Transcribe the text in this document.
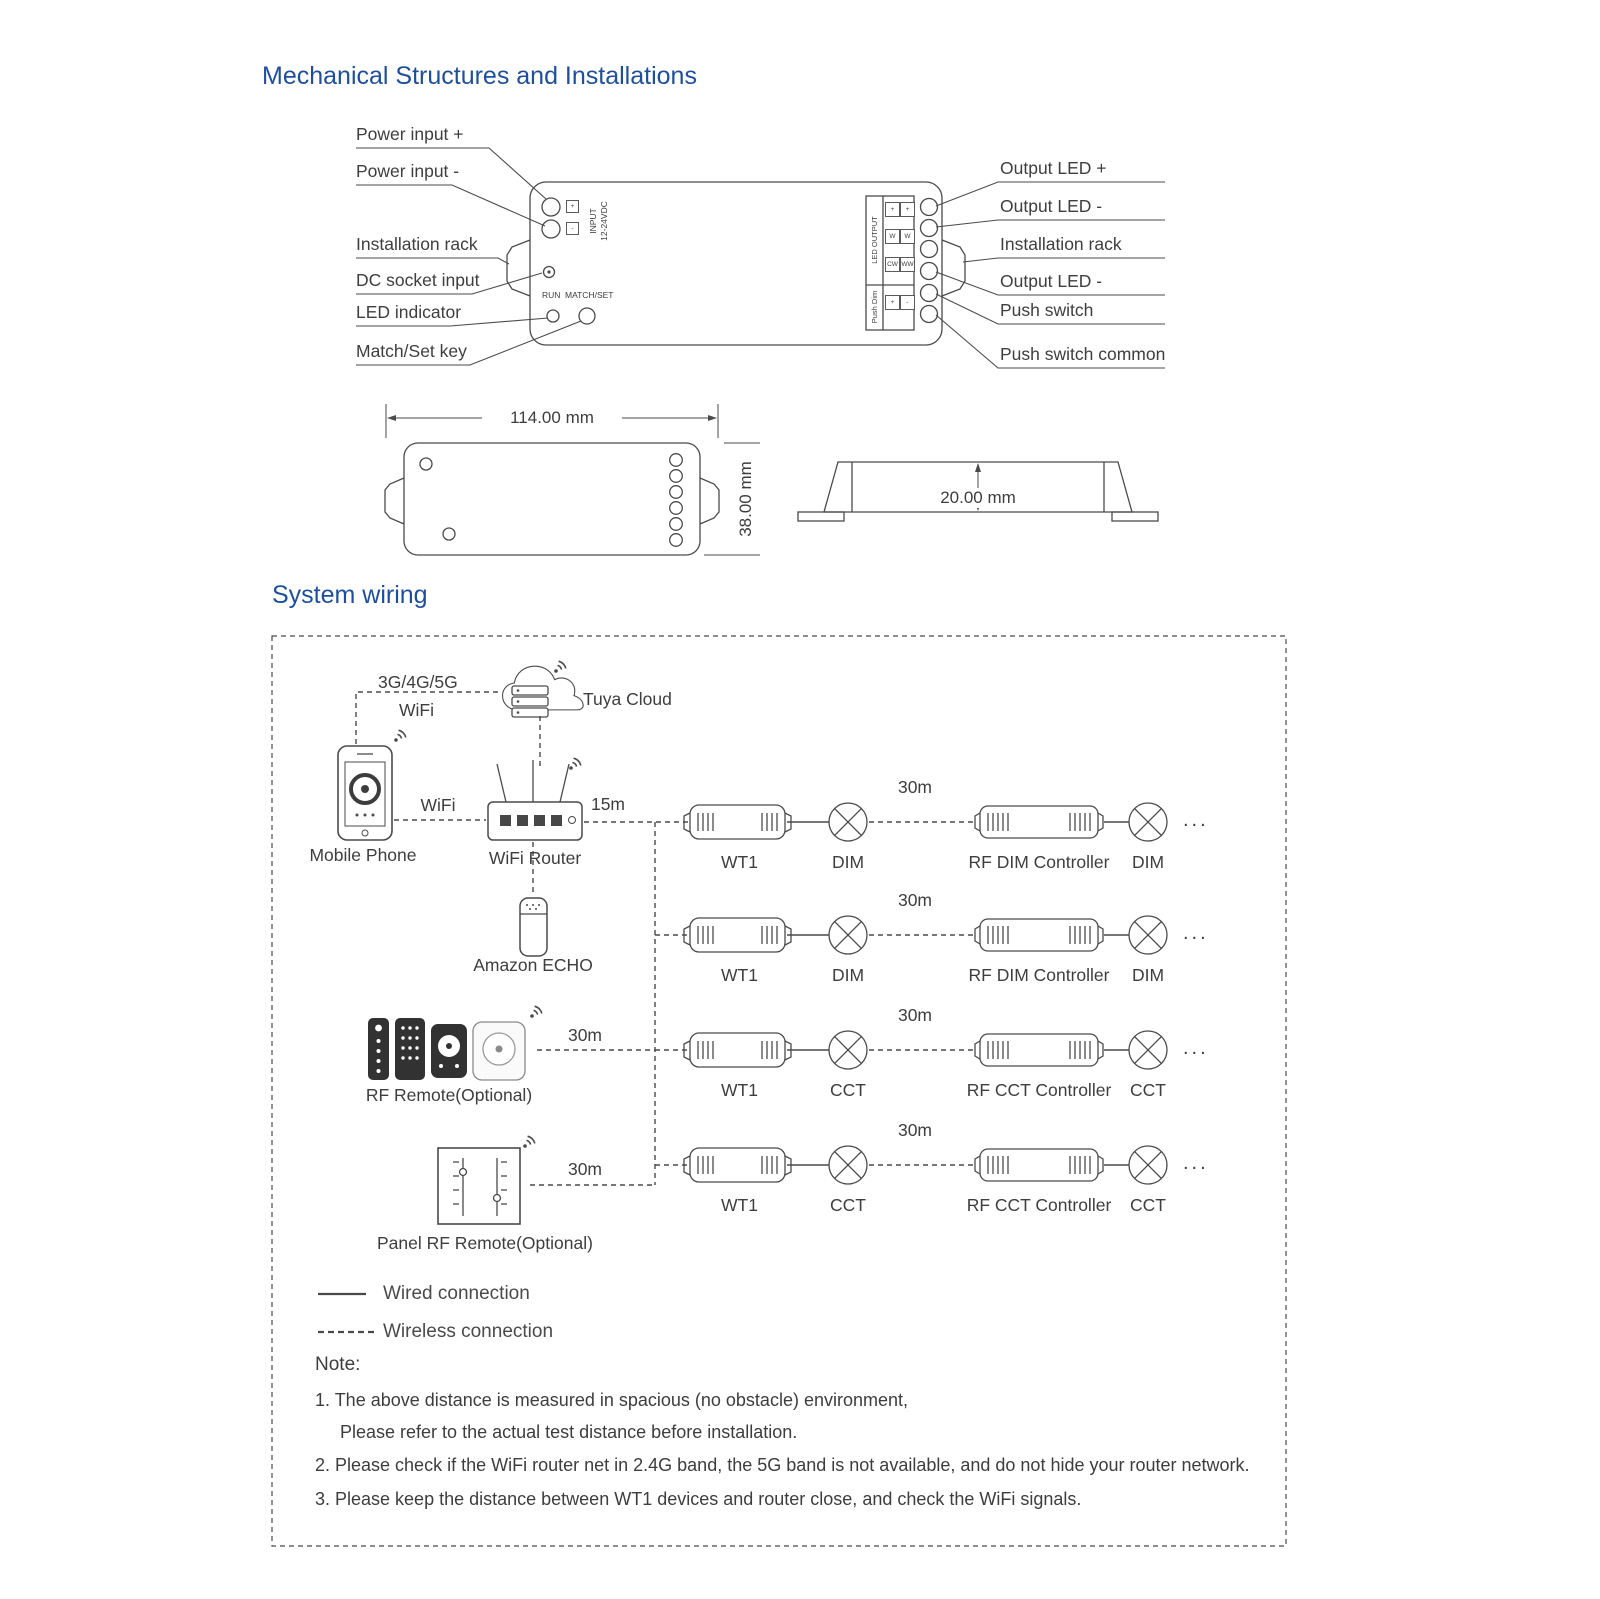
Mechanical Structures and Installations
System wiring
Power input +
Power input -
Installation rack
DC socket input
LED indicator
Match/Set key
Output LED +
Output LED -
Installation rack
Output LED -
Push switch
Push switch common
INPUT 12-24VDC
+
-
RUN MATCH/SET
LED OUTPUT
Push Dim
+	+
W	W
CW WW
+	-
114.00 mm
38.00 mm	20.00 mm
3G/4G/5G
WiFi
Tuya Cloud
WiFi
Mobile Phone	WiFi Router
15m
Amazon ECHO
RF Remote(Optional)
30m
Panel RF Remote(Optional)
30m
WT1	DIM
30m
RF DIM Controller	DIM
...
WT1	DIM
30m
RF DIM Controller	DIM
...
WT1	CCT
30m
RF CCT Controller	CCT
...
WT1	CCT
30m
RF CCT Controller	CCT
...
Wired connection
Wireless connection
Note:
1. The above distance is measured in spacious (no obstacle) environment,
Please refer to the actual test distance before installation.
2. Please check if the WiFi router net in 2.4G band, the 5G band is not available, and do not hide your router network.
3. Please keep the distance between WT1 devices and router close, and check the WiFi signals.
